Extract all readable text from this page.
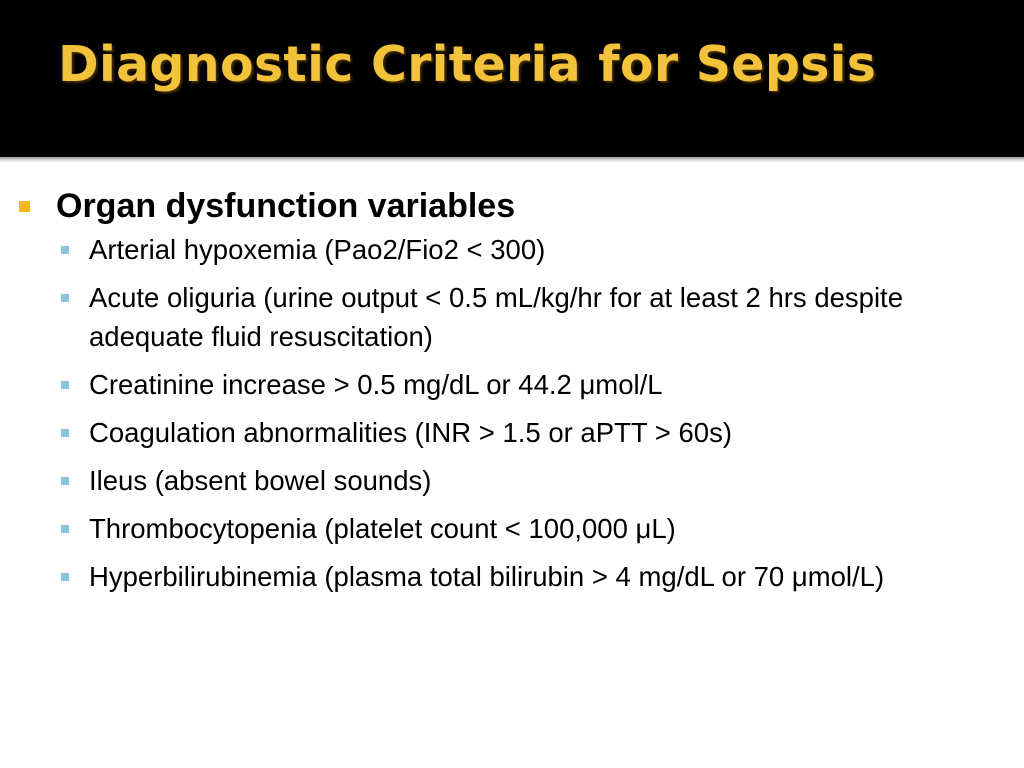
Diagnostic Criteria for Sepsis
Organ dysfunction variables
Arterial hypoxemia (Pao2/Fio2 < 300)
Acute oliguria (urine output < 0.5 mL/kg/hr for at least 2 hrs despite adequate fluid resuscitation)
Creatinine increase > 0.5 mg/dL or 44.2 μmol/L
Coagulation abnormalities (INR > 1.5 or aPTT > 60s)
Ileus (absent bowel sounds)
Thrombocytopenia (platelet count < 100,000 μL)
Hyperbilirubinemia (plasma total bilirubin > 4 mg/dL or 70 μmol/L)
